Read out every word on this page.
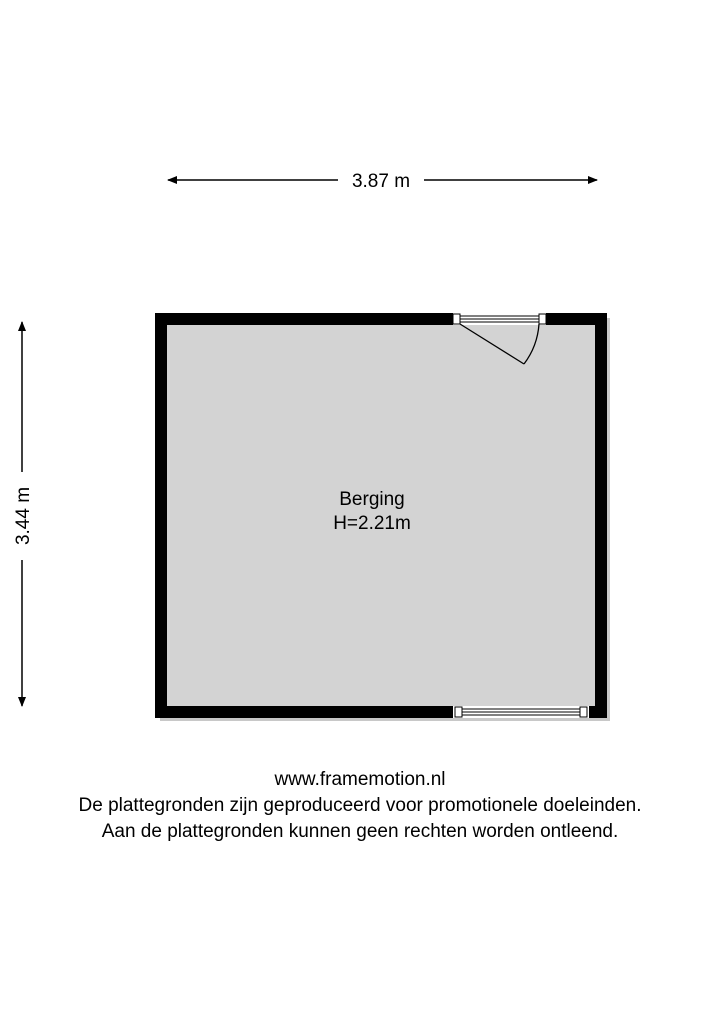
3.87 m
3.44 m	Berging
H=2.21m
www.framemotion.nl
De plattegronden zijn geproduceerd voor promotionele doeleinden.
Aan de plattegronden kunnen geen rechten worden ontleend.
